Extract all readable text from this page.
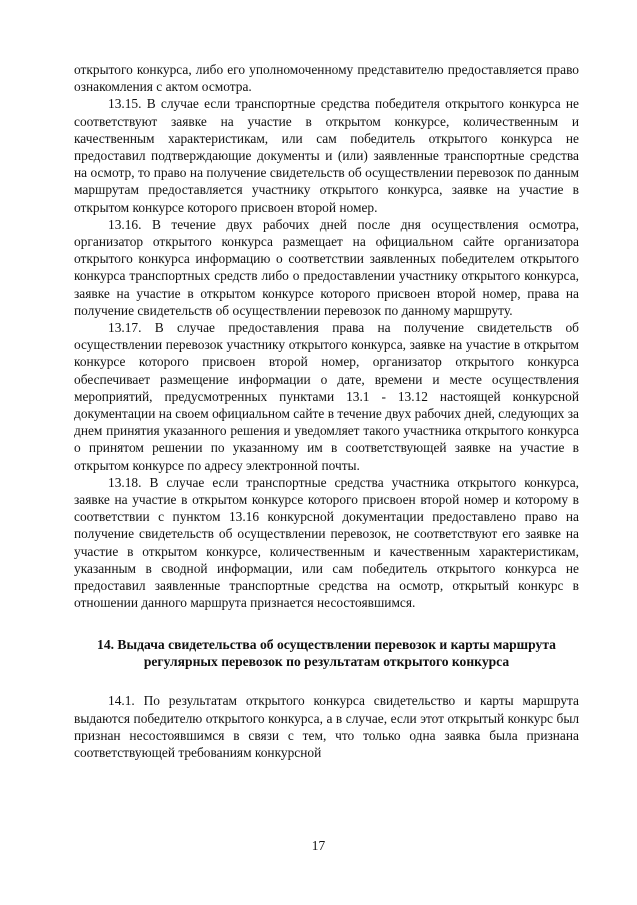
открытого конкурса, либо его уполномоченному представителю предоставляется право ознакомления с актом осмотра.

13.15. В случае если транспортные средства победителя открытого конкурса не соответствуют заявке на участие в открытом конкурсе, количественным и качественным характеристикам, или сам победитель открытого конкурса не предоставил подтверждающие документы и (или) заявленные транспортные средства на осмотр, то право на получение свидетельств об осуществлении перевозок по данным маршрутам предоставляется участнику открытого конкурса, заявке на участие в открытом конкурсе которого присвоен второй номер.

13.16. В течение двух рабочих дней после дня осуществления осмотра, организатор открытого конкурса размещает на официальном сайте организатора открытого конкурса информацию о соответствии заявленных победителем открытого конкурса транспортных средств либо о предоставлении участнику открытого конкурса, заявке на участие в открытом конкурсе которого присвоен второй номер, права на получение свидетельств об осуществлении перевозок по данному маршруту.

13.17. В случае предоставления права на получение свидетельств об осуществлении перевозок участнику открытого конкурса, заявке на участие в открытом конкурсе которого присвоен второй номер, организатор открытого конкурса обеспечивает размещение информации о дате, времени и месте осуществления мероприятий, предусмотренных пунктами 13.1 - 13.12 настоящей конкурсной документации на своем официальном сайте в течение двух рабочих дней, следующих за днем принятия указанного решения и уведомляет такого участника открытого конкурса о принятом решении по указанному им в соответствующей заявке на участие в открытом конкурсе по адресу электронной почты.

13.18. В случае если транспортные средства участника открытого конкурса, заявке на участие в открытом конкурсе которого присвоен второй номер и которому в соответствии с пунктом 13.16 конкурсной документации предоставлено право на получение свидетельств об осуществлении перевозок, не соответствуют его заявке на участие в открытом конкурсе, количественным и качественным характеристикам, указанным в сводной информации, или сам победитель открытого конкурса не предоставил заявленные транспортные средства на осмотр, открытый конкурс в отношении данного маршрута признается несостоявшимся.

14. Выдача свидетельства об осуществлении перевозок и карты маршрута регулярных перевозок по результатам открытого конкурса

14.1. По результатам открытого конкурса свидетельство и карты маршрута выдаются победителю открытого конкурса, а в случае, если этот открытый конкурс был признан несостоявшимся в связи с тем, что только одна заявка была признана соответствующей требованиям конкурсной

17
